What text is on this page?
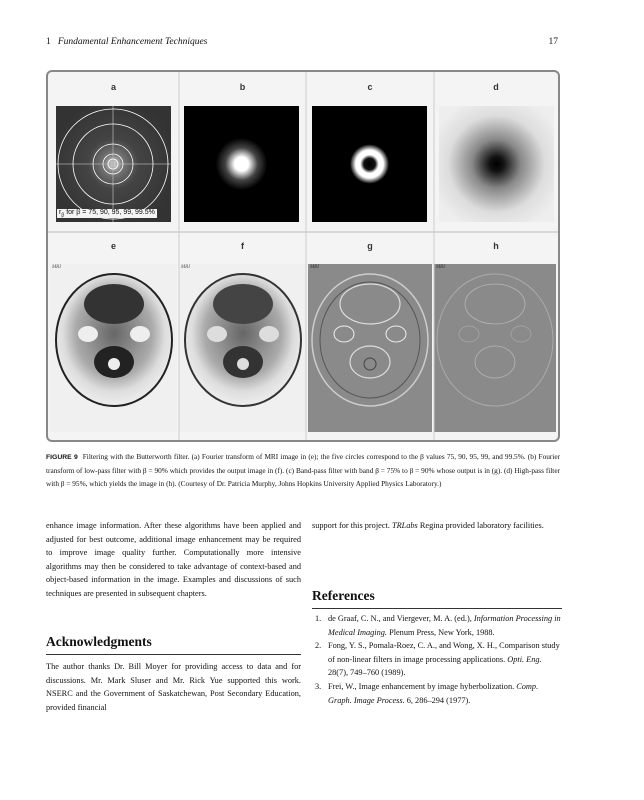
1 Fundamental Enhancement Techniques	17
a	b	c	d
e	f	g	h
$r_\beta$ for β = 75, 90, 95, 99, 99.5%
MRI	MRI	MRI	MRI
FIGURE 9 Filtering with the Butterworth filter. (a) Fourier transform of MRI image in (e); the five circles correspond to the β values 75, 90, 95, 99, and 99.5%. (b) Fourier transform of low-pass filter with β = 90% which provides the output image in (f). (c) Band-pass filter with band β = 75% to β = 90% whose output is in (g). (d) High-pass filter with β = 95%, which yields the image in (h). (Courtesy of Dr. Patricia Murphy, Johns Hopkins University Applied Physics Laboratory.)
enhance image information. After these algorithms have been applied and adjusted for best outcome, additional image enhancement may be required to improve image quality further. Computationally more intensive algorithms may then be considered to take advantage of context-based and object-based information in the image. Examples and discussions of such techniques are presented in subsequent chapters.
Acknowledgments
The author thanks Dr. Bill Moyer for providing access to data and for discussions. Mr. Mark Sluser and Mr. Rick Yue supported this work. NSERC and the Government of Saskatchewan, Post Secondary Education, provided financial
support for this project. TRLabs Regina provided laboratory facilities.
References
1. de Graaf, C. N., and Viergever, M. A. (ed.), Information Processing in Medical Imaging. Plenum Press, New York, 1988.
2. Fong, Y. S., Pomala-Roez, C. A., and Wong, X. H., Comparison study of non-linear filters in image processing applications. Opti. Eng. 28(7), 749–760 (1989).
3. Frei, W., Image enhancement by image hyberbolization. Comp. Graph. Image Process. 6, 286–294 (1977).
